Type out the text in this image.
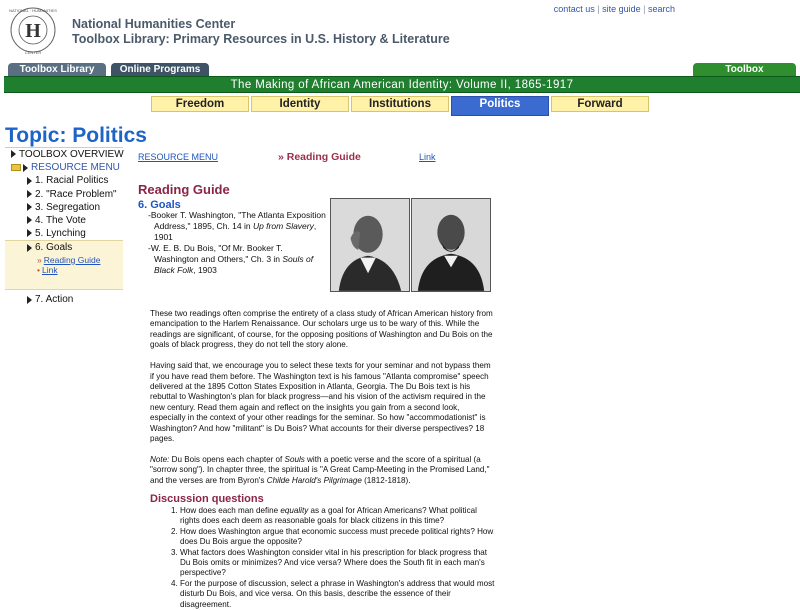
H
NATIONAL · HUMANITIES
CENTER
National Humanities Center
Toolbox Library: Primary Resources in U.S. History & Literature
contact us | site guide | search
Toolbox Library	Online Programs	Toolbox
The Making of African American Identity: Volume II, 1865-1917
Freedom	Identity	Institutions	Politics	Forward
Topic: Politics
TOOLBOX OVERVIEW
RESOURCE MENU
1. Racial Politics
2. "Race Problem"
3. Segregation
4. The Vote
5. Lynching
6. Goals
» Reading Guide
• Link
7. Action
RESOURCE MENU	» Reading Guide	Link
Reading Guide
6. Goals
-Booker T. Washington, "The Atlanta Exposition Address," 1895, Ch. 14 in Up from Slavery, 1901
-W. E. B. Du Bois, "Of Mr. Booker T. Washington and Others," Ch. 3 in Souls of Black Folk, 1903

These two readings often comprise the entirety of a class study of African American history from emancipation to the Harlem Renaissance. Our scholars urge us to be wary of this. While the readings are significant, of course, for the opposing positions of Washington and Du Bois on the goals of black progress, they do not tell the story alone.

Having said that, we encourage you to select these texts for your seminar and not bypass them if you have read them before. The Washington text is his famous "Atlanta compromise" speech delivered at the 1895 Cotton States Exposition in Atlanta, Georgia. The Du Bois text is his rebuttal to Washington's plan for black progress—and his vision of the activism required in the new century. Read them again and reflect on the insights you gain from a second look, especially in the context of your other readings for the seminar. So how "accommodationist" is Washington? And how "militant" is Du Bois? What accounts for their diverse perspectives? 18 pages.

Note: Du Bois opens each chapter of Souls with a poetic verse and the score of a spiritual (a "sorrow song"). In chapter three, the spiritual is "A Great Camp-Meeting in the Promised Land," and the verses are from Byron's Childe Harold's Pilgrimage (1812-1818).

Discussion questions
1. How does each man define equality as a goal for African Americans? What political rights does each deem as reasonable goals for black citizens in this time?
2. How does Washington argue that economic success must precede political rights? How does Du Bois argue the opposite?
3. What factors does Washington consider vital in his prescription for black progress that Du Bois omits or minimizes? And vice versa? Where does the South fit in each man's perspective?
4. For the purpose of discussion, select a phrase in Washington's address that would most disturb Du Bois, and vice versa. On this basis, describe the essence of their disagreement.
